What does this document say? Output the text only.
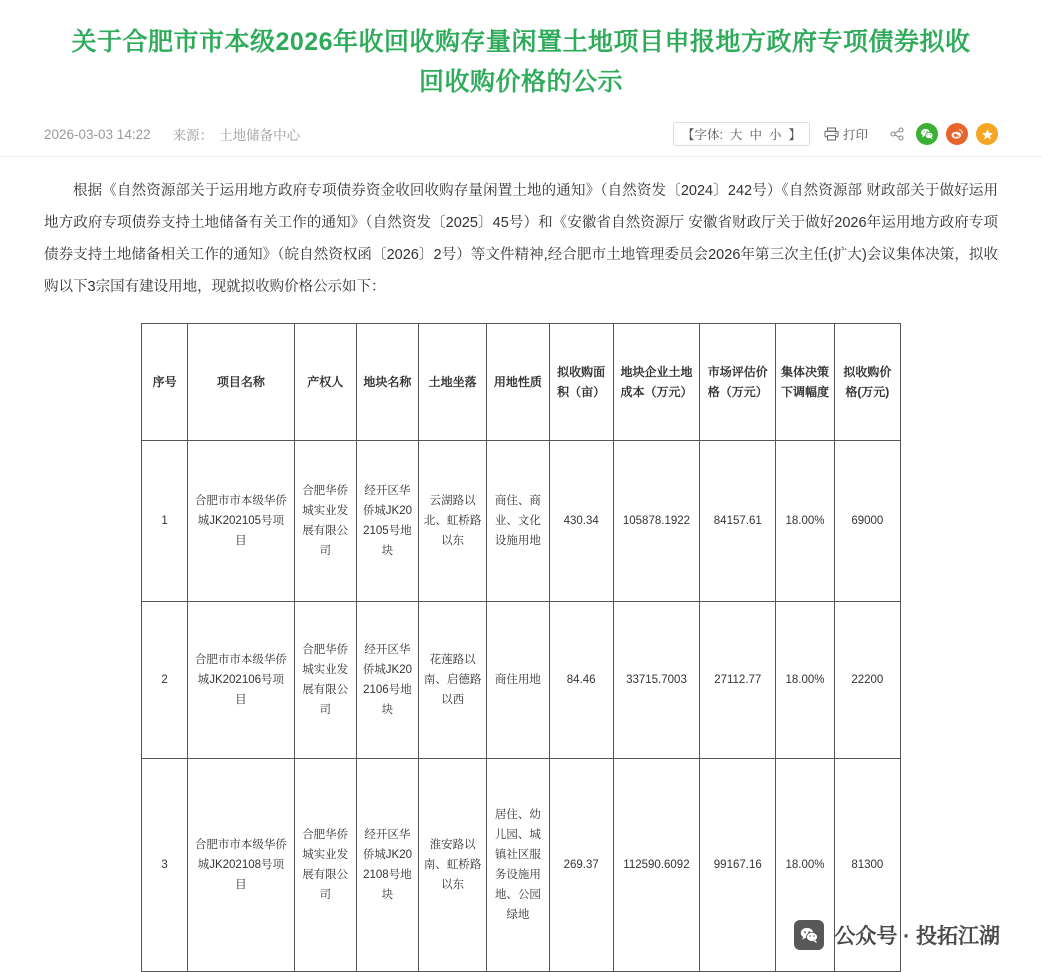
关于合肥市市本级2026年收回收购存量闲置土地项目申报地方政府专项债券拟收回收购价格的公示
2026-03-03 14:22 来源： 土地储备中心	【字体: 大 中 小 】	打印

根据《自然资源部关于运用地方政府专项债券资金收回收购存量闲置土地的通知》（自然资发〔2024〕242号）《自然资源部 财政部关于做好运用地方政府专项债券支持土地储备有关工作的通知》（自然资发〔2025〕45号）和《安徽省自然资源厅 安徽省财政厅关于做好2026年运用地方政府专项债券支持土地储备相关工作的通知》（皖自然资权函〔2026〕2号）等文件精神,经合肥市土地管理委员会2026年第三次主任(扩大)会议集体决策，拟收购以下3宗国有建设用地，现就拟收购价格公示如下：

序号	项目名称	产权人	地块名称	土地坐落	用地性质	拟收购面积（亩）	地块企业土地成本（万元）	市场评估价格（万元）	集体决策下调幅度	拟收购价格(万元)
1	合肥市市本级华侨城JK202105号项目	合肥华侨城实业发展有限公司	经开区华侨城JK202105号地块	云湖路以北、虹桥路以东	商住、商业、文化设施用地	430.34	105878.1922	84157.61	18.00%	69000
2	合肥市市本级华侨城JK202106号项目	合肥华侨城实业发展有限公司	经开区华侨城JK202106号地块	花莲路以南、启德路以西	商住用地	84.46	33715.7003	27112.77	18.00%	22200
3	合肥市市本级华侨城JK202108号项目	合肥华侨城实业发展有限公司	经开区华侨城JK202108号地块	淮安路以南、虹桥路以东	居住、幼儿园、城镇社区服务设施用地、公园绿地	269.37	112590.6092	99167.16	18.00%	81300
公众号 · 投拓江湖
